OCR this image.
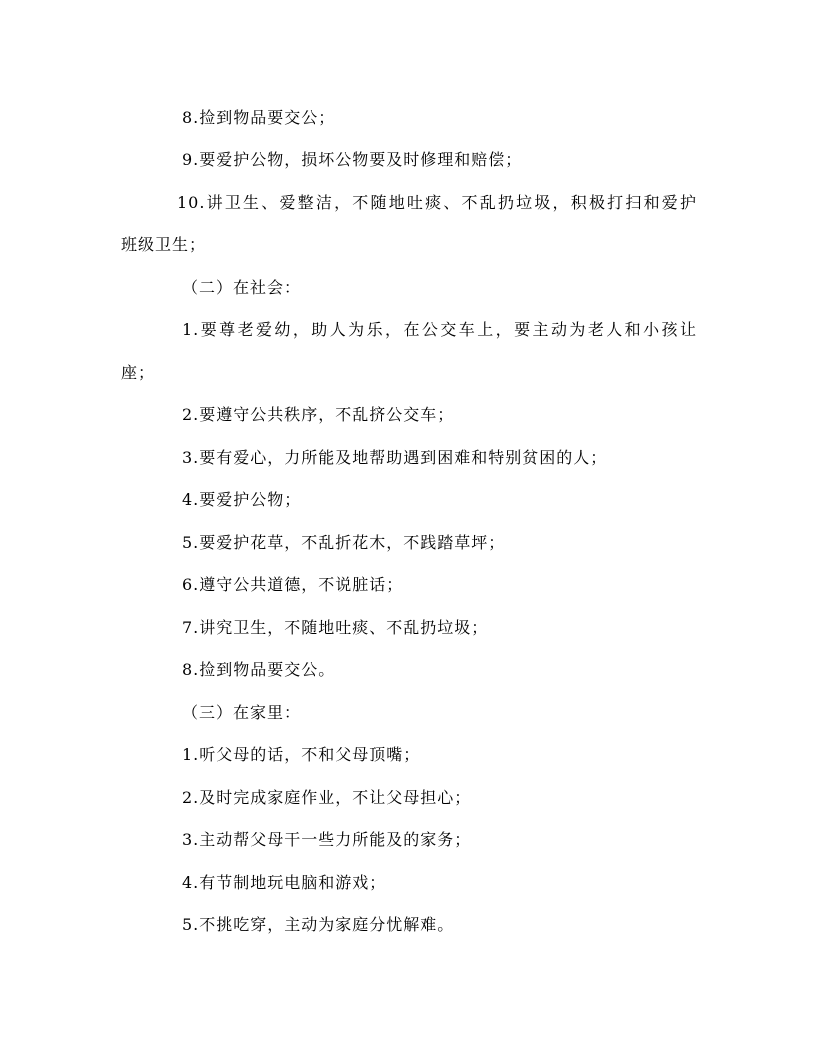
8.捡到物品要交公；
9.要爱护公物，损坏公物要及时修理和赔偿；
10.讲卫生、爱整洁，不随地吐痰、不乱扔垃圾，积极打扫和爱护
班级卫生；
（二）在社会：
1.要尊老爱幼，助人为乐，在公交车上，要主动为老人和小孩让
座；
2.要遵守公共秩序，不乱挤公交车；
3.要有爱心，力所能及地帮助遇到困难和特别贫困的人；
4.要爱护公物；
5.要爱护花草，不乱折花木，不践踏草坪；
6.遵守公共道德，不说脏话；
7.讲究卫生，不随地吐痰、不乱扔垃圾；
8.捡到物品要交公。
（三）在家里：
1.听父母的话，不和父母顶嘴；
2.及时完成家庭作业，不让父母担心；
3.主动帮父母干一些力所能及的家务；
4.有节制地玩电脑和游戏；
5.不挑吃穿，主动为家庭分忧解难。
